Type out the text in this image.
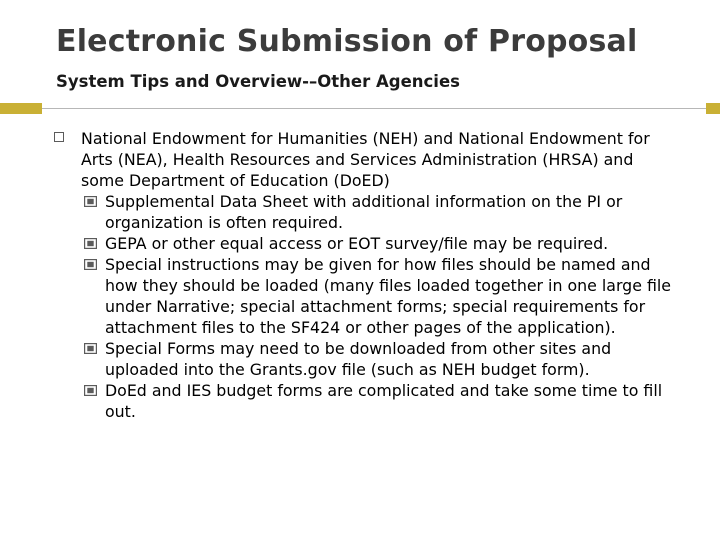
Electronic Submission of Proposal
System Tips and Overview-–Other Agencies
National Endowment for Humanities (NEH) and National Endowment for Arts (NEA), Health Resources and Services Administration (HRSA) and some Department of Education (DoED)
Supplemental Data Sheet with additional information on the PI or organization is often required.
GEPA or other equal access or EOT survey/file may be required.
Special instructions may be given for how files should be named and how they should be loaded (many files loaded together in one large file under Narrative; special attachment forms; special requirements for attachment files to the SF424 or other pages of the application).
Special Forms may need to be downloaded from other sites and uploaded into the Grants.gov file (such as NEH budget form).
DoEd and IES budget forms are complicated and take some time to fill out.
